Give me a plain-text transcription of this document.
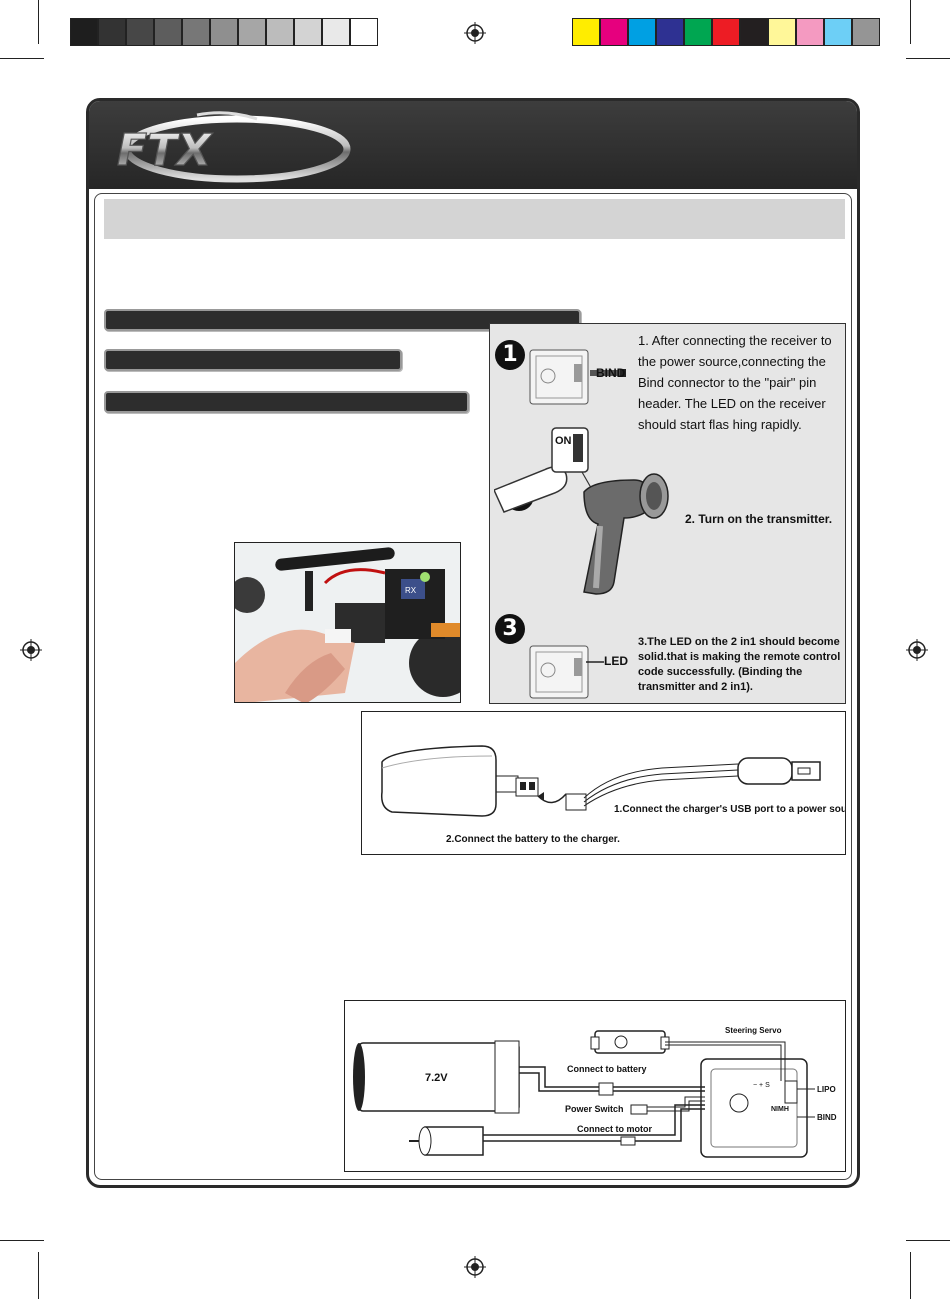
FTX
1
3
BIND
1. After connecting the receiver to the power source,connecting the Bind connector to the "pair" pin header. The LED on the receiver should start flas hing rapidly.
ON
2. Turn on the transmitter.
LED
3.The LED on the 2 in1 should become solid.that is making the remote control code successfully. (Binding the transmitter and 2 in1).
RX
1.Connect the charger's USB port to a power source.
2.Connect the battery to the charger.
7.2V
Steering Servo
− + S
NIMH
LIPO
BIND
Connect to battery
Power Switch
Connect to motor
